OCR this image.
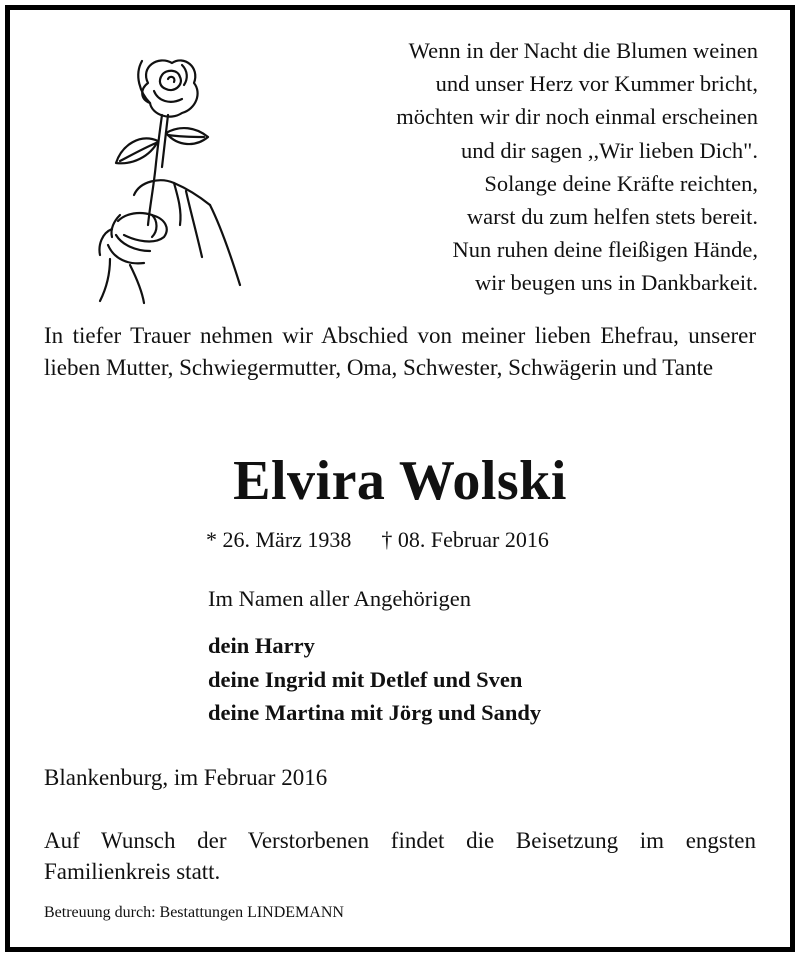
Wenn in der Nacht die Blumen weinen
und unser Herz vor Kummer bricht,
möchten wir dir noch einmal erscheinen
und dir sagen ,,Wir lieben Dich".
Solange deine Kräfte reichten,
warst du zum helfen stets bereit.
Nun ruhen deine fleißigen Hände,
wir beugen uns in Dankbarkeit.
In tiefer Trauer nehmen wir Abschied von meiner lieben Ehefrau, unserer lieben Mutter, Schwiegermutter, Oma, Schwester, Schwägerin und Tante
Elvira Wolski
* 26. März 1938 † 08. Februar 2016
Im Namen aller Angehörigen
dein Harry
deine Ingrid mit Detlef und Sven
deine Martina mit Jörg und Sandy
Blankenburg, im Februar 2016
Auf Wunsch der Verstorbenen findet die Beisetzung im engsten Familienkreis statt.
Betreuung durch: Bestattungen LINDEMANN
